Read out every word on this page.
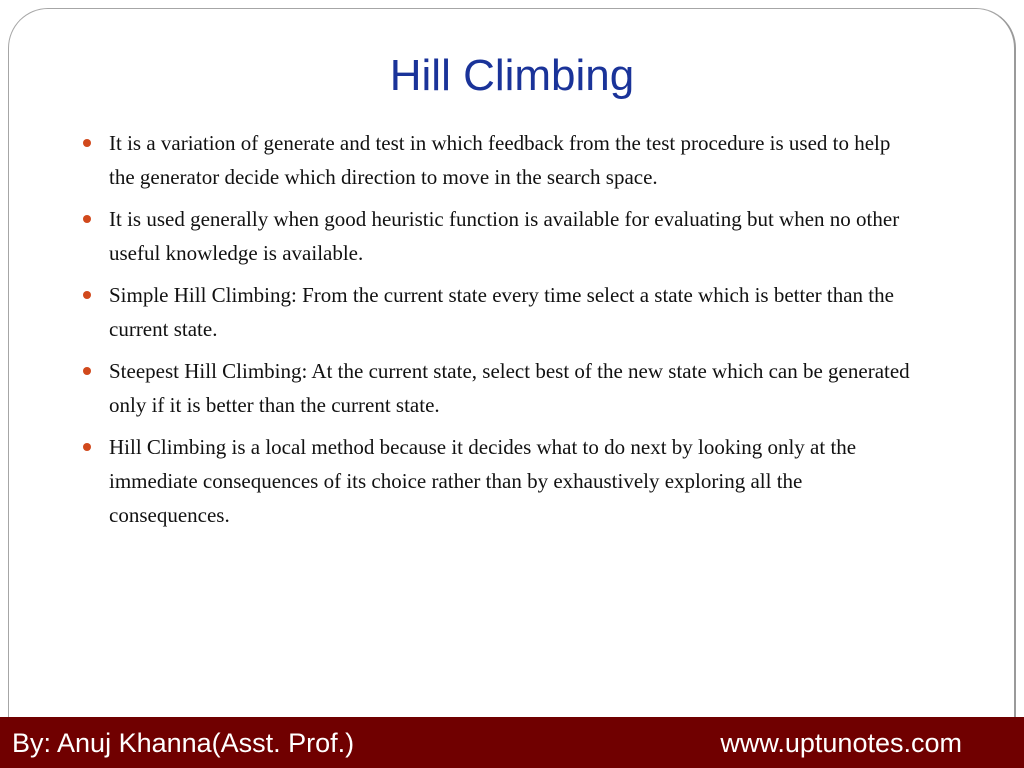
Hill Climbing
It is a variation of generate and test in which feedback from the test procedure is used to help the generator decide which direction to move in the search space.
It is used generally when good heuristic function is available for evaluating but when no other useful knowledge is available.
Simple Hill Climbing: From the current state every time select a state which is better than the current state.
Steepest Hill Climbing: At the current state, select best of the new state which can be generated only if it is better than the current state.
Hill Climbing is a local method because it decides what to do next by looking only at the immediate consequences of its choice rather than by exhaustively exploring all the consequences.
By: Anuj Khanna(Asst. Prof.)	www.uptunotes.com
